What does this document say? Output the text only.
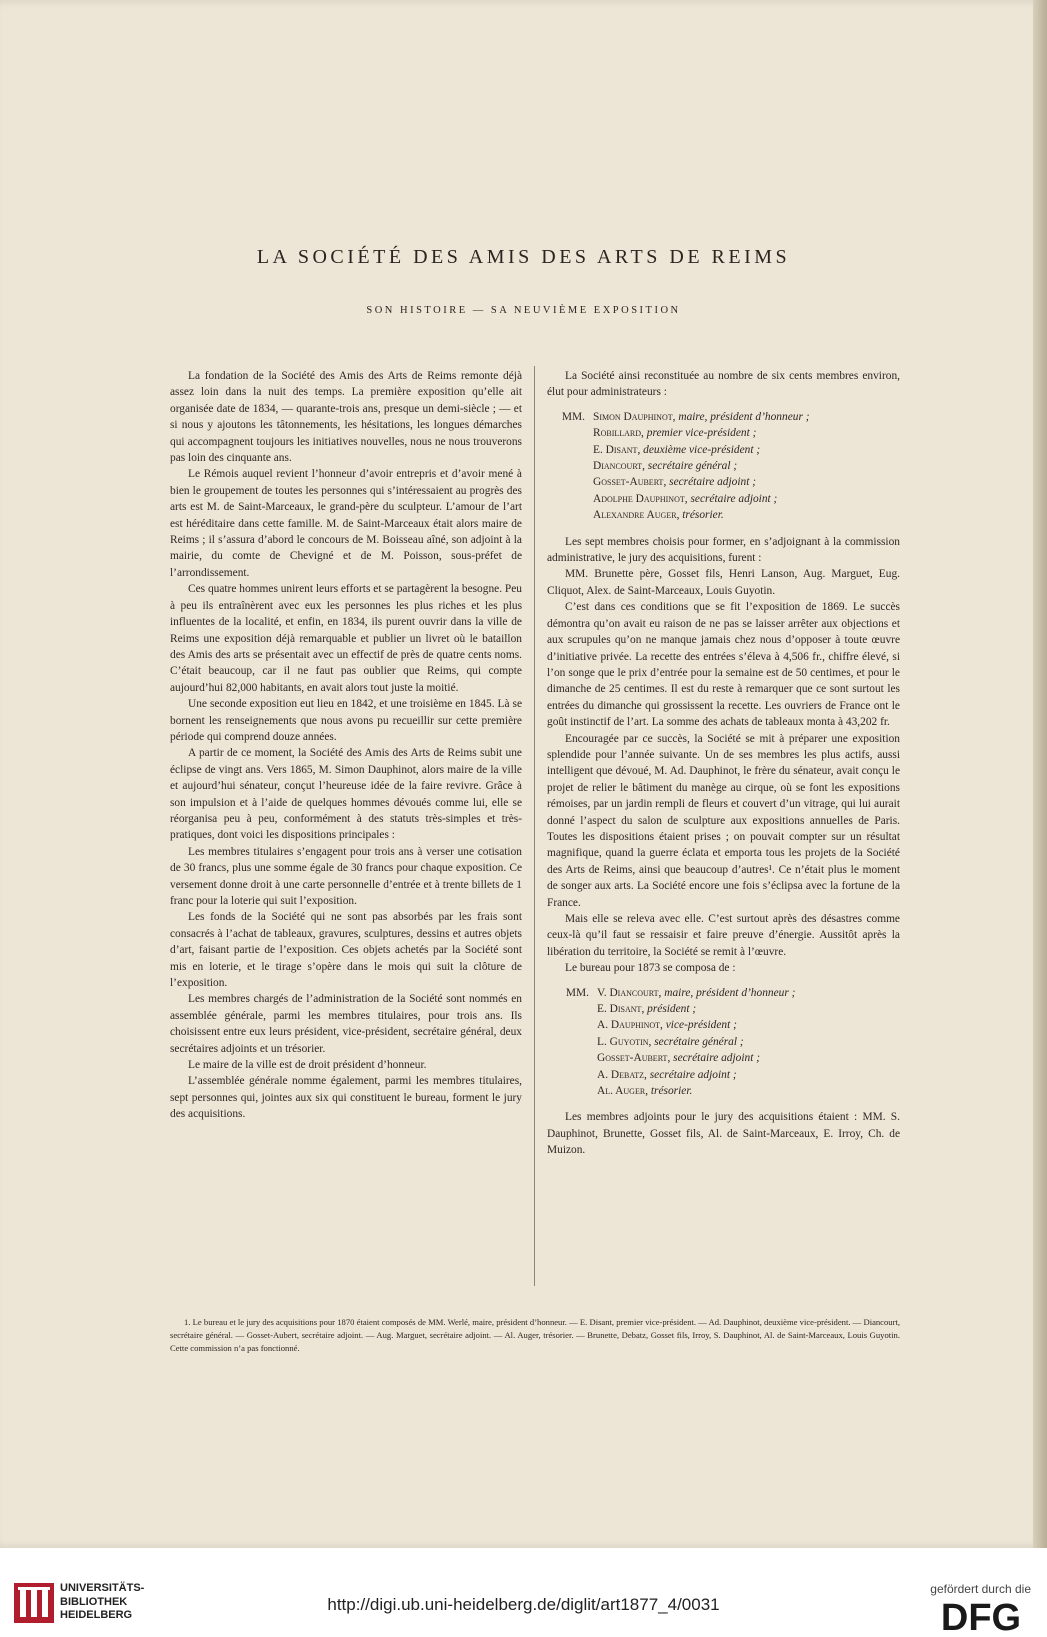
LA SOCIÉTÉ DES AMIS DES ARTS DE REIMS
SON HISTOIRE — SA NEUVIÈME EXPOSITION

La fondation de la Société des Amis des Arts de Reims remonte déjà assez loin dans la nuit des temps. La première exposition qu’elle ait organisée date de 1834, — quarante-trois ans, presque un demi-siècle ; — et si nous y ajoutons les tâtonnements, les hésitations, les longues démarches qui accompagnent toujours les initiatives nouvelles, nous ne nous trouverons pas loin des cinquante ans.

Le Rémois auquel revient l’honneur d’avoir entrepris et d’avoir mené à bien le groupement de toutes les personnes qui s’intéressaient au progrès des arts est M. de Saint-Marceaux, le grand-père du sculpteur. L’amour de l’art est héréditaire dans cette famille. M. de Saint-Marceaux était alors maire de Reims ; il s’assura d’abord le concours de M. Boisseau aîné, son adjoint à la mairie, du comte de Chevigné et de M. Poisson, sous-préfet de l’arrondissement.

Ces quatre hommes unirent leurs efforts et se partagèrent la besogne. Peu à peu ils entraînèrent avec eux les personnes les plus riches et les plus influentes de la localité, et enfin, en 1834, ils purent ouvrir dans la ville de Reims une exposition déjà remarquable et publier un livret où le bataillon des Amis des arts se présentait avec un effectif de près de quatre cents noms. C’était beaucoup, car il ne faut pas oublier que Reims, qui compte aujourd’hui 82,000 habitants, en avait alors tout juste la moitié.

Une seconde exposition eut lieu en 1842, et une troisième en 1845. Là se bornent les renseignements que nous avons pu recueillir sur cette première période qui comprend douze années.

A partir de ce moment, la Société des Amis des Arts de Reims subit une éclipse de vingt ans. Vers 1865, M. Simon Dauphinot, alors maire de la ville et aujourd’hui sénateur, conçut l’heureuse idée de la faire revivre. Grâce à son impulsion et à l’aide de quelques hommes dévoués comme lui, elle se réorganisa peu à peu, conformément à des statuts très-simples et très-pratiques, dont voici les dispositions principales :

Les membres titulaires s’engagent pour trois ans à verser une cotisation de 30 francs, plus une somme égale de 30 francs pour chaque exposition. Ce versement donne droit à une carte personnelle d’entrée et à trente billets de 1 franc pour la loterie qui suit l’exposition.

Les fonds de la Société qui ne sont pas absorbés par les frais sont consacrés à l’achat de tableaux, gravures, sculptures, dessins et autres objets d’art, faisant partie de l’exposition. Ces objets achetés par la Société sont mis en loterie, et le tirage s’opère dans le mois qui suit la clôture de l’exposition.

Les membres chargés de l’administration de la Société sont nommés en assemblée générale, parmi les membres titulaires, pour trois ans. Ils choisissent entre eux leurs président, vice-président, secrétaire général, deux secrétaires adjoints et un trésorier.

Le maire de la ville est de droit président d’honneur.

L’assemblée générale nomme également, parmi les membres titulaires, sept personnes qui, jointes aux six qui constituent le bureau, forment le jury des acquisitions.

La Société ainsi reconstituée au nombre de six cents membres environ, élut pour administrateurs :

MM. Simon Dauphinot, maire, président d’honneur ;
Robillard, premier vice-président ;
E. Disant, deuxième vice-président ;
Diancourt, secrétaire général ;
Gosset-Aubert, secrétaire adjoint ;
Adolphe Dauphinot, secrétaire adjoint ;
Alexandre Auger, trésorier.

Les sept membres choisis pour former, en s’adjoignant à la commission administrative, le jury des acquisitions, furent :

MM. Brunette père, Gosset fils, Henri Lanson, Aug. Marguet, Eug. Cliquot, Alex. de Saint-Marceaux, Louis Guyotin.

C’est dans ces conditions que se fit l’exposition de 1869. Le succès démontra qu’on avait eu raison de ne pas se laisser arrêter aux objections et aux scrupules qu’on ne manque jamais chez nous d’opposer à toute œuvre d’initiative privée. La recette des entrées s’éleva à 4,506 fr., chiffre élevé, si l’on songe que le prix d’entrée pour la semaine est de 50 centimes, et pour le dimanche de 25 centimes. Il est du reste à remarquer que ce sont surtout les entrées du dimanche qui grossissent la recette. Les ouvriers de France ont le goût instinctif de l’art. La somme des achats de tableaux monta à 43,202 fr.

Encouragée par ce succès, la Société se mit à préparer une exposition splendide pour l’année suivante. Un de ses membres les plus actifs, aussi intelligent que dévoué, M. Ad. Dauphinot, le frère du sénateur, avait conçu le projet de relier le bâtiment du manège au cirque, où se font les expositions rémoises, par un jardin rempli de fleurs et couvert d’un vitrage, qui lui aurait donné l’aspect du salon de sculpture aux expositions annuelles de Paris. Toutes les dispositions étaient prises ; on pouvait compter sur un résultat magnifique, quand la guerre éclata et emporta tous les projets de la Société des Arts de Reims, ainsi que beaucoup d’autres¹. Ce n’était plus le moment de songer aux arts. La Société encore une fois s’éclipsa avec la fortune de la France.

Mais elle se releva avec elle. C’est surtout après des désastres comme ceux-là qu’il faut se ressaisir et faire preuve d’énergie. Aussitôt après la libération du territoire, la Société se remit à l’œuvre.

Le bureau pour 1873 se composa de :

MM. V. Diancourt, maire, président d’honneur ;
E. Disant, président ;
A. Dauphinot, vice-président ;
L. Guyotin, secrétaire général ;
Gosset-Aubert, secrétaire adjoint ;
A. Debatz, secrétaire adjoint ;
Al. Auger, trésorier.

Les membres adjoints pour le jury des acquisitions étaient : MM. S. Dauphinot, Brunette, Gosset fils, Al. de Saint-Marceaux, E. Irroy, Ch. de Muizon.

1. Le bureau et le jury des acquisitions pour 1870 étaient composés de MM. Werlé, maire, président d’honneur. — E. Disant, premier vice-président. — Ad. Dauphinot, deuxième vice-président. — Diancourt, secrétaire général. — Gosset-Aubert, secrétaire adjoint. — Aug. Marguet, secrétaire adjoint. — Al. Auger, trésorier. — Brunette, Debatz, Gosset fils, Irroy, S. Dauphinot, Al. de Saint-Marceaux, Louis Guyotin. Cette commission n’a pas fonctionné.

UNIVERSITÄTS-
BIBLIOTHEK
HEIDELBERG
http://digi.ub.uni-heidelberg.de/diglit/art1877_4/0031
gefördert durch die
DFG
